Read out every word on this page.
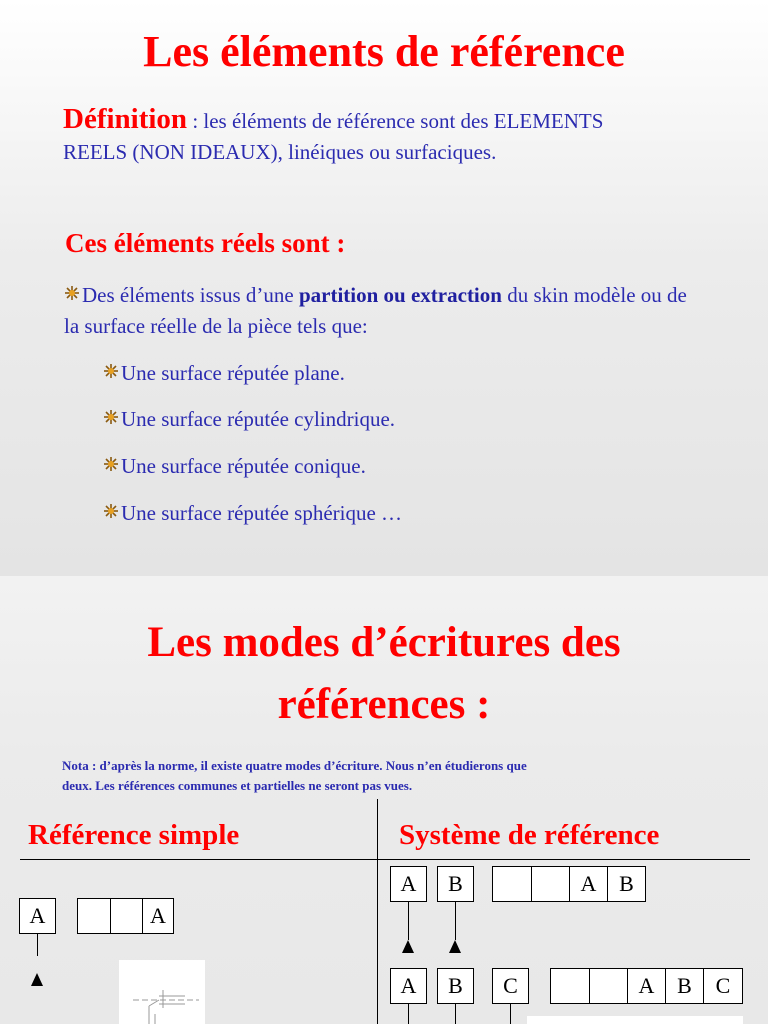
Les éléments de référence
Définition : les éléments de référence sont des ELEMENTS REELS (NON IDEAUX), linéiques ou surfaciques.
Ces éléments réels sont :
Des éléments issus d’une partition ou extraction du skin modèle ou de la surface réelle de la pièce tels que:
Une surface réputée plane.
Une surface réputée cylindrique.
Une surface réputée conique.
Une surface réputée sphérique …
Les modes d’écritures des
références :
Nota : d’après la norme, il existe quatre modes d’écriture. Nous n’en étudierons que
deux. Les références communes et partielles ne seront pas vues.
Référence simple	Système de référence
A	A
A	B	A	B
A	B	C	A	B	C
